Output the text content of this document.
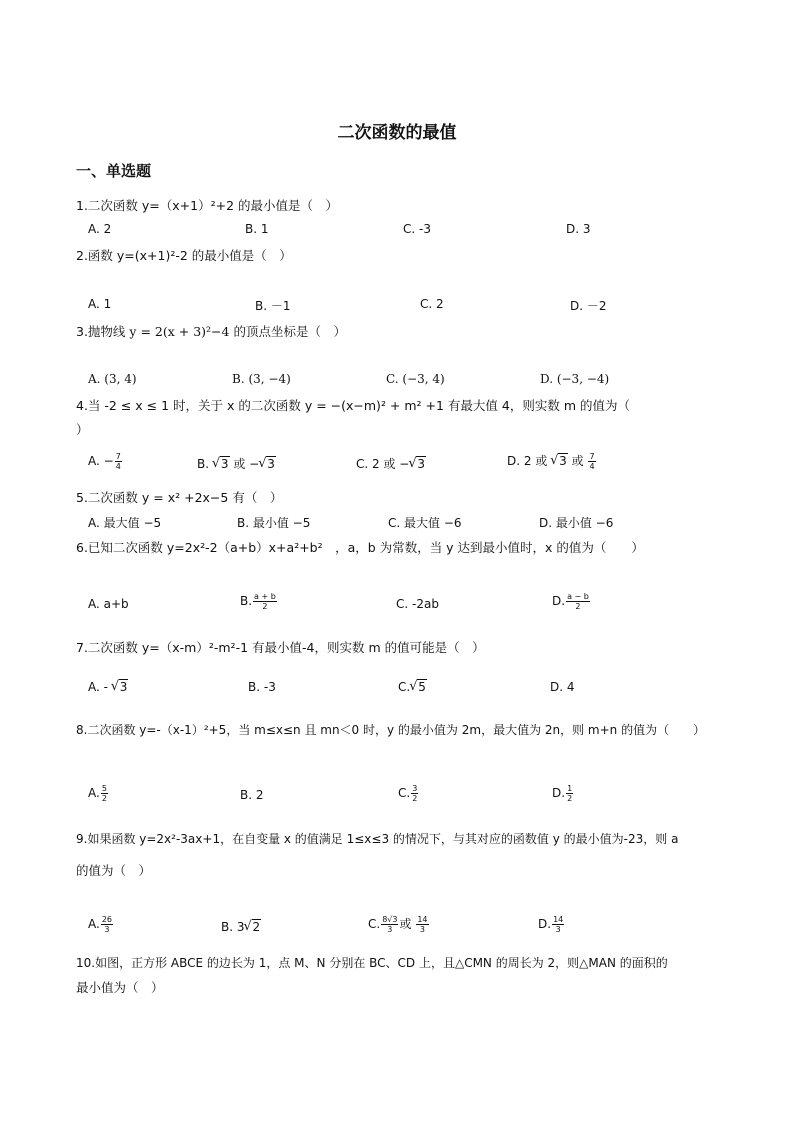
二次函数的最值
一、单选题
1.二次函数 y=（x+1）²+2 的最小值是（　）
A. 2	B. 1	C. -3	D. 3
2.函数 y=(x+1)²-2 的最小值是（　）
A. 1	B. －1	C. 2	D. －2
3.抛物线 y = 2(x + 3)²−4 的顶点坐标是（　）
A. (3, 4)	B. (3, −4)	C. (−3, 4)	D. (−3, −4)
4.当 -2 ≤ x ≤ 1 时，关于 x 的二次函数 y = −(x−m)² + m² +1 有最大值 4，则实数 m 的值为（
）
A. − $\frac{7}{4}$	B. √ 3 或 − √ 3	C. 2 或 − √ 3	D. 2 或 √ 3 或 $\frac{7}{4}$
5.二次函数 y = x² +2x−5 有（　）
A. 最大值 −5	B. 最小值 −5	C. 最大值 −6	D. 最小值 −6
6.已知二次函数 y=2x²-2（a+b）x+a²+b²　，a，b 为常数，当 y 达到最小值时，x 的值为（　　）
A. a+b	B. $\frac{a + b}{2}$	C. -2ab	D. $\frac{a - b}{2}$
7.二次函数 y=（x-m）²-m²-1 有最小值-4，则实数 m 的值可能是（　）
A. - √ 3	B. -3	C. √ 5	D. 4
8.二次函数 y=-（x-1）²+5，当 m≤x≤n 且 mn＜0 时，y 的最小值为 2m，最大值为 2n，则 m+n 的值为（　　）
A. $\frac{5}{2}$	B. 2	C. $\frac{3}{2}$	D. $\frac{1}{2}$
9.如果函数 y=2x²-3ax+1，在自变量 x 的值满足 1≤x≤3 的情况下，与其对应的函数值 y 的最小值为-23，则 a
的值为（　）
A. $\frac{26}{3}$	B. 3 √ 2	C. $\frac{8√3}{3}$ 或 $\frac{14}{3}$	D. $\frac{14}{3}$
10.如图，正方形 ABCE 的边长为 1，点 M、N 分别在 BC、CD 上，且△CMN 的周长为 2，则△MAN 的面积的
最小值为（　）
